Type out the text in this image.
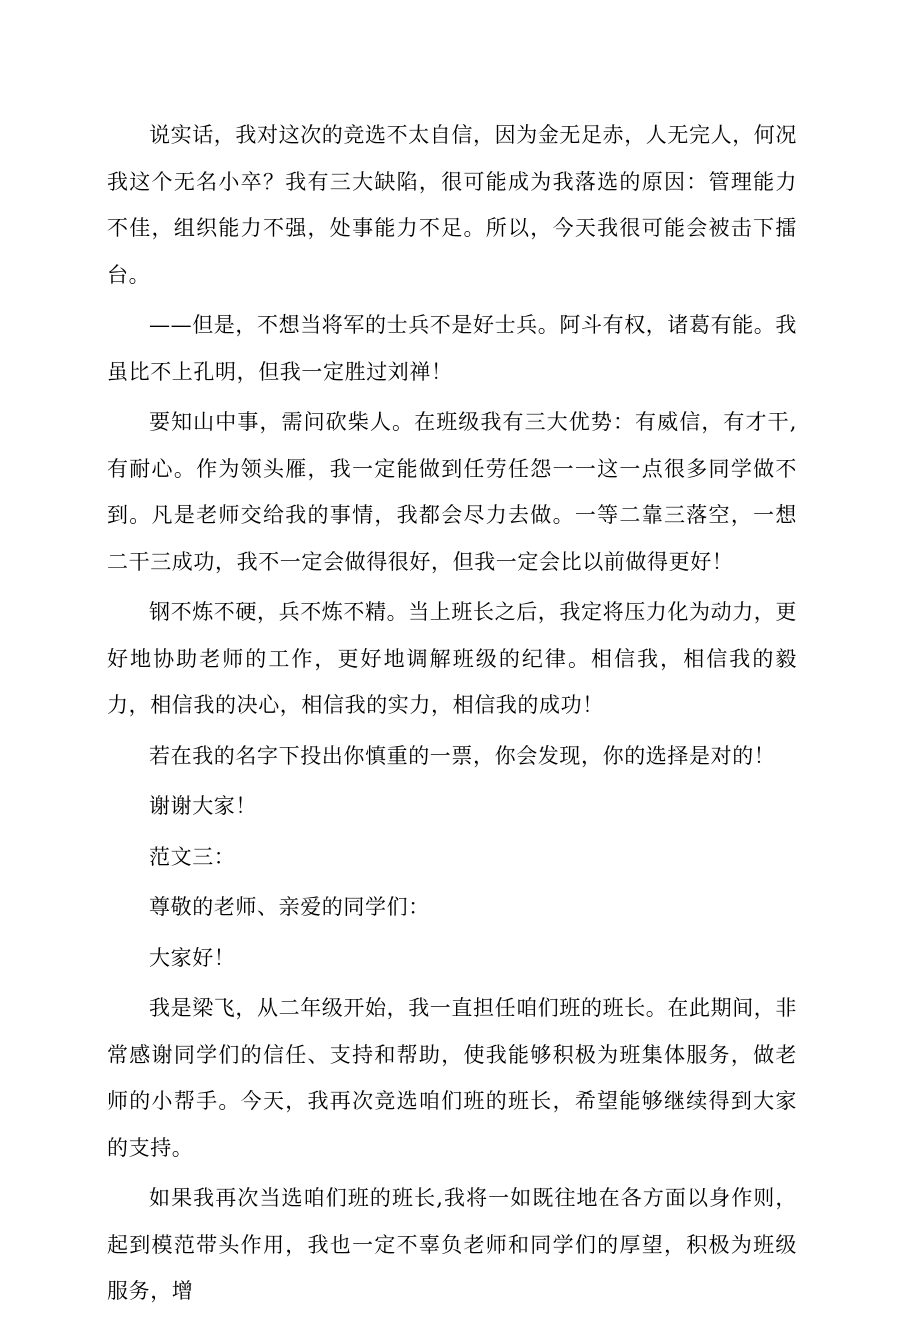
说实话，我对这次的竞选不太自信，因为金无足赤，人无完人，何况我这个无名小卒？我有三大缺陷，很可能成为我落选的原因：管理能力不佳，组织能力不强，处事能力不足。所以，今天我很可能会被击下擂台。

——但是，不想当将军的士兵不是好士兵。阿斗有权，诸葛有能。我虽比不上孔明，但我一定胜过刘禅！

要知山中事，需问砍柴人。在班级我有三大优势：有威信，有才干,有耐心。作为领头雁，我一定能做到任劳任怨一一这一点很多同学做不到。凡是老师交给我的事情，我都会尽力去做。一等二靠三落空，一想二干三成功，我不一定会做得很好，但我一定会比以前做得更好！

钢不炼不硬，兵不炼不精。当上班长之后，我定将压力化为动力，更好地协助老师的工作，更好地调解班级的纪律。相信我，相信我的毅力，相信我的决心，相信我的实力，相信我的成功！

若在我的名字下投出你慎重的一票，你会发现，你的选择是对的！

谢谢大家！

范文三：

尊敬的老师、亲爱的同学们：

大家好！

我是梁飞，从二年级开始，我一直担任咱们班的班长。在此期间，非常感谢同学们的信任、支持和帮助，使我能够积极为班集体服务，做老师的小帮手。今天，我再次竞选咱们班的班长，希望能够继续得到大家的支持。

如果我再次当选咱们班的班长,我将一如既往地在各方面以身作则，起到模范带头作用，我也一定不辜负老师和同学们的厚望，积极为班级服务，增
